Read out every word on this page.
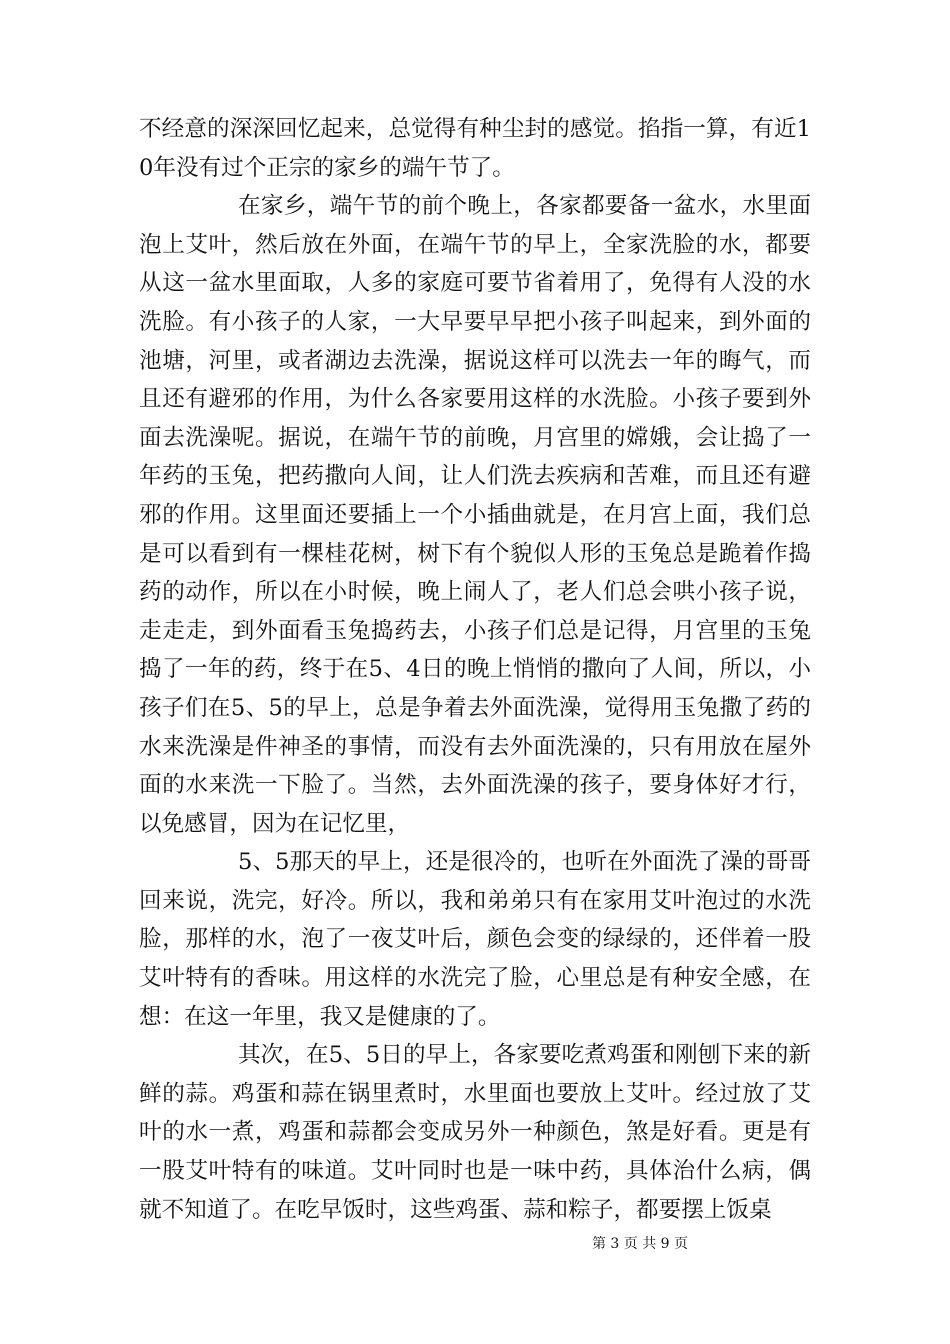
不经意的深深回忆起来，总觉得有种尘封的感觉。掐指一算，有近10年没有过个正宗的家乡的端午节了。

在家乡，端午节的前个晚上，各家都要备一盆水，水里面泡上艾叶，然后放在外面，在端午节的早上，全家洗脸的水，都要从这一盆水里面取，人多的家庭可要节省着用了，免得有人没的水洗脸。有小孩子的人家，一大早要早早把小孩子叫起来，到外面的池塘，河里，或者湖边去洗澡，据说这样可以洗去一年的晦气，而且还有避邪的作用，为什么各家要用这样的水洗脸。小孩子要到外面去洗澡呢。据说，在端午节的前晚，月宫里的嫦娥，会让捣了一年药的玉兔，把药撒向人间，让人们洗去疾病和苦难，而且还有避邪的作用。这里面还要插上一个小插曲就是，在月宫上面，我们总是可以看到有一棵桂花树，树下有个貌似人形的玉兔总是跪着作捣药的动作，所以在小时候，晚上闹人了，老人们总会哄小孩子说，走走走，到外面看玉兔捣药去，小孩子们总是记得，月宫里的玉兔捣了一年的药，终于在5、4日的晚上悄悄的撒向了人间，所以，小孩子们在5、5的早上，总是争着去外面洗澡，觉得用玉兔撒了药的水来洗澡是件神圣的事情，而没有去外面洗澡的，只有用放在屋外面的水来洗一下脸了。当然，去外面洗澡的孩子，要身体好才行，以免感冒，因为在记忆里，

5、5那天的早上，还是很冷的，也听在外面洗了澡的哥哥回来说，洗完，好冷。所以，我和弟弟只有在家用艾叶泡过的水洗脸，那样的水，泡了一夜艾叶后，颜色会变的绿绿的，还伴着一股艾叶特有的香味。用这样的水洗完了脸，心里总是有种安全感，在想：在这一年里，我又是健康的了。

其次，在5、5日的早上，各家要吃煮鸡蛋和刚刨下来的新鲜的蒜。鸡蛋和蒜在锅里煮时，水里面也要放上艾叶。经过放了艾叶的水一煮，鸡蛋和蒜都会变成另外一种颜色，煞是好看。更是有一股艾叶特有的味道。艾叶同时也是一味中药，具体治什么病，偶就不知道了。在吃早饭时，这些鸡蛋、蒜和粽子，都要摆上饭桌

第 3 页 共 9 页
